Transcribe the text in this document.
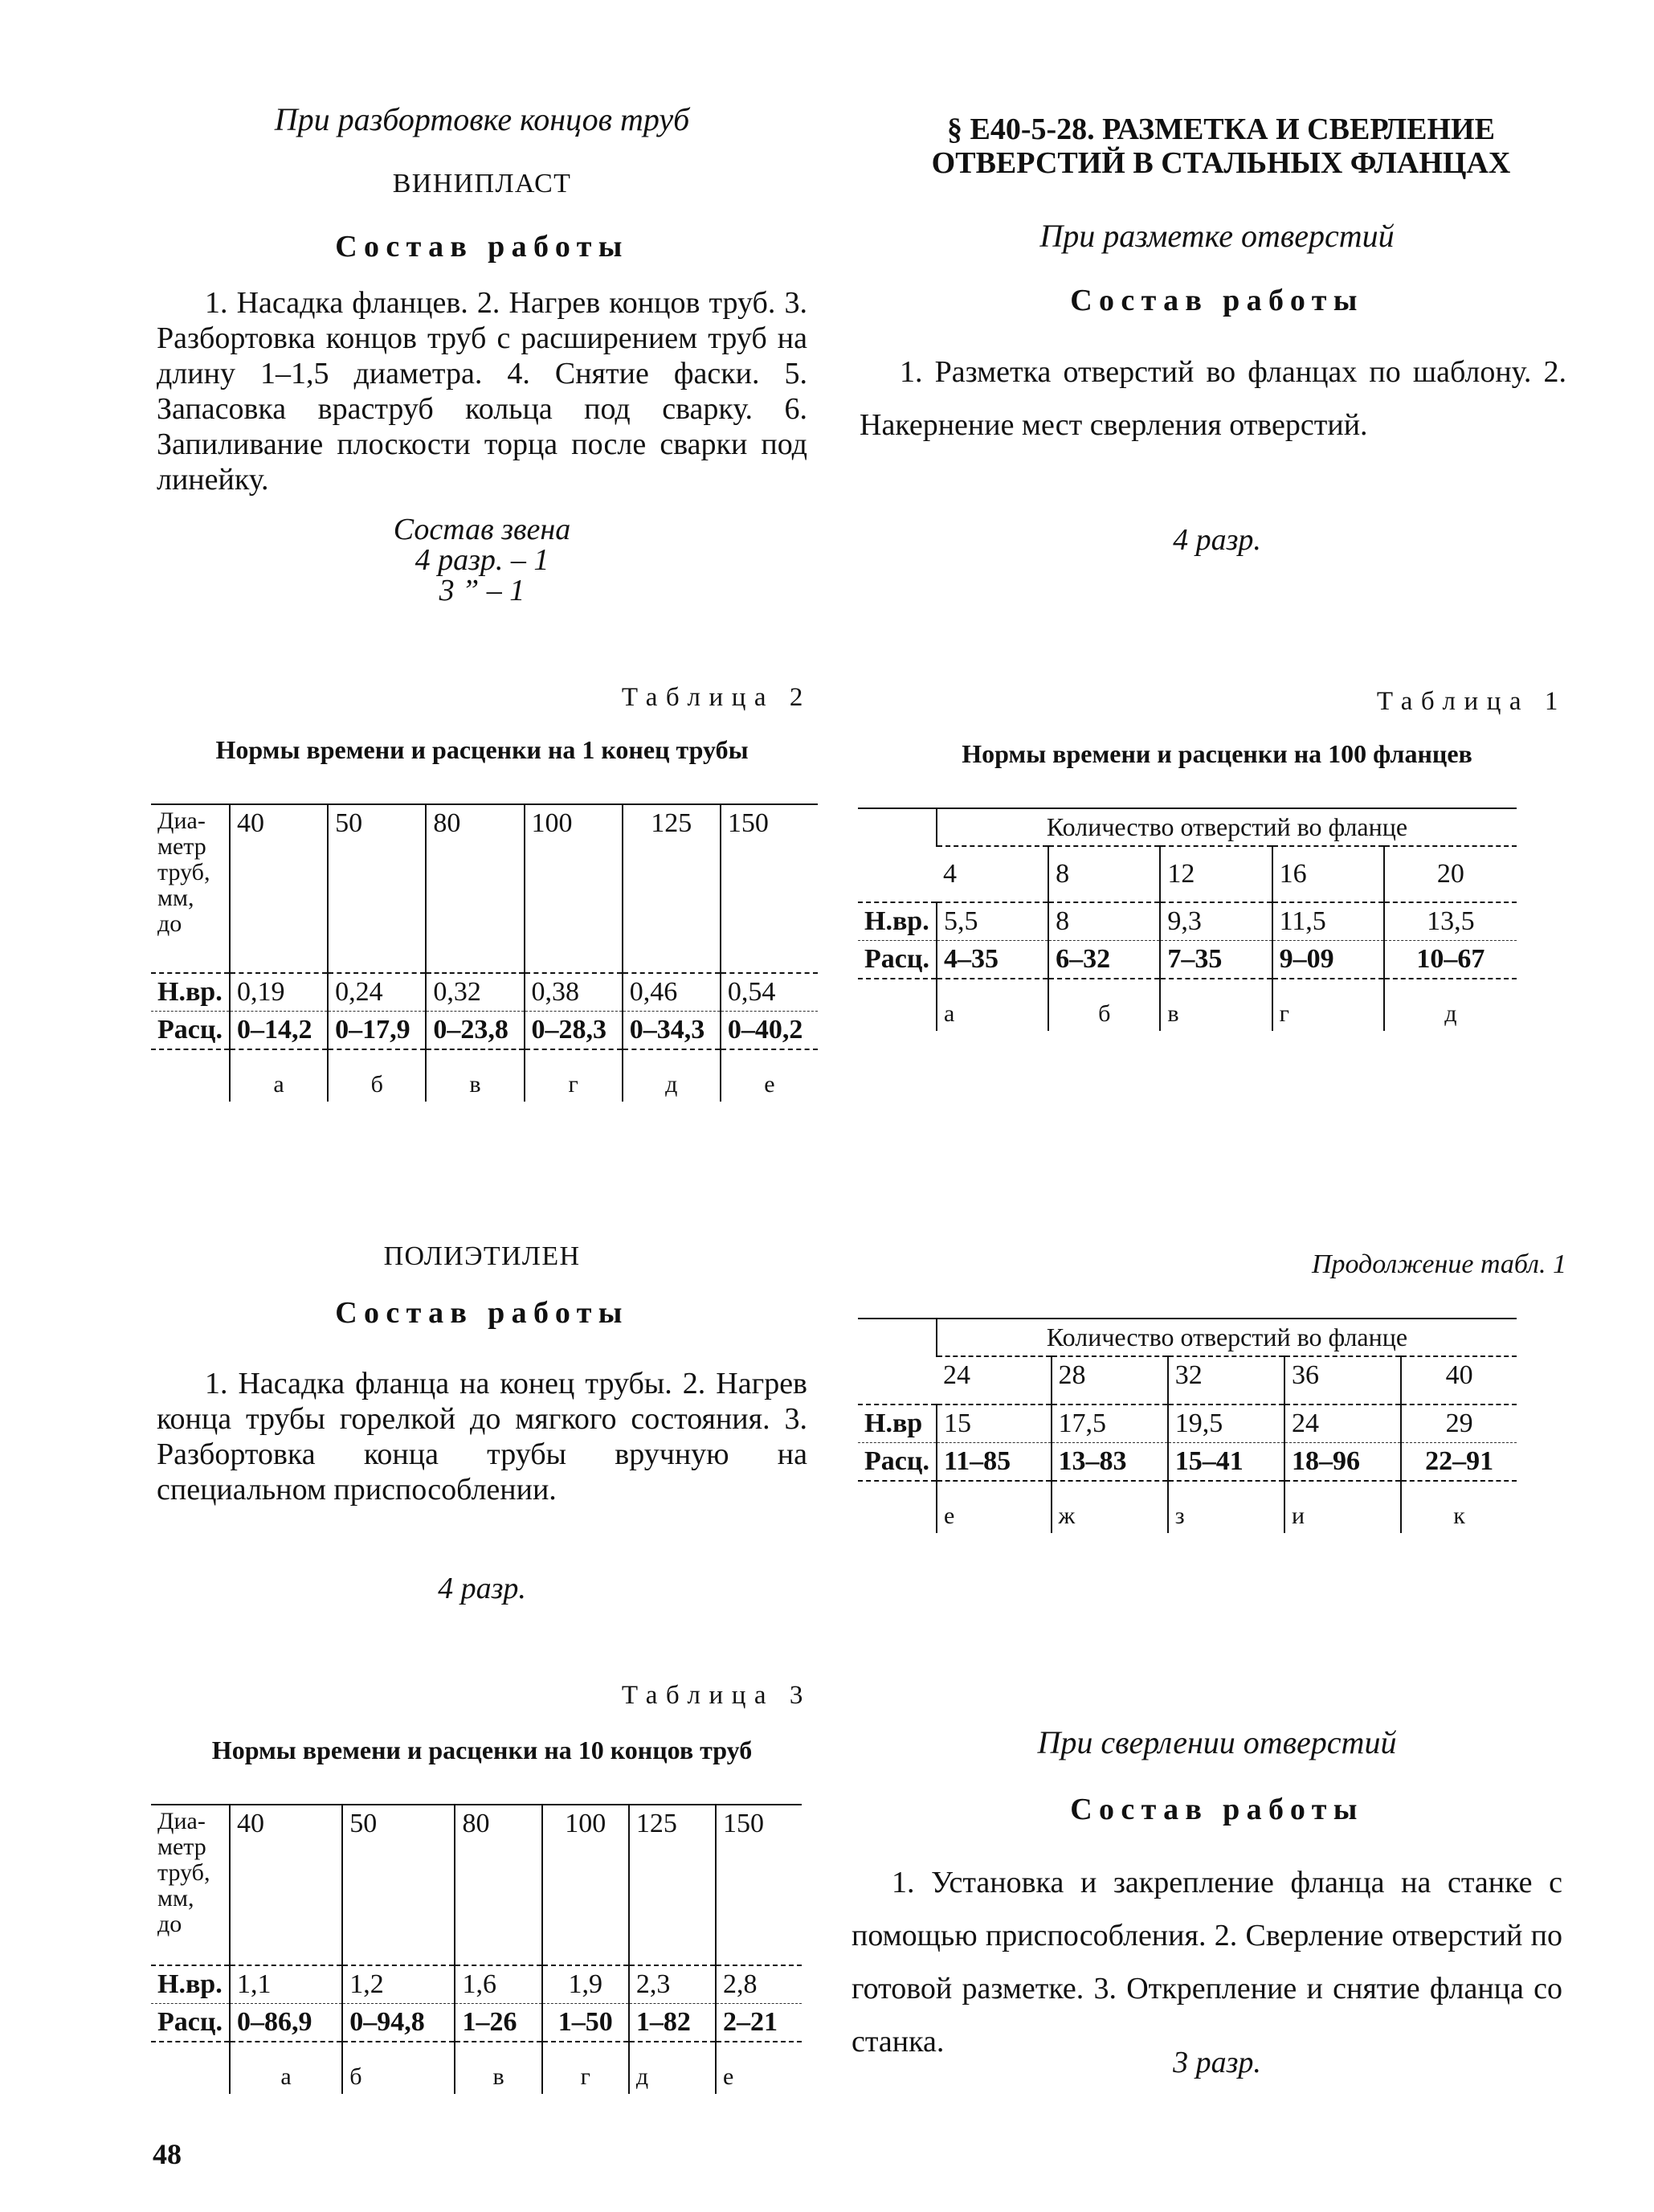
При разбортовке концов труб
ВИНИПЛАСТ
Состав работы
1. Насадка фланцев. 2. Нагрев концов труб. 3. Разбортовка концов труб с расширением труб на длину 1–1,5 диаметра. 4. Снятие фаски. 5. Запасовка враструб кольца под сварку. 6. Запиливание плоскости торца после сварки под линейку.
Состав звена
4 разр. – 1
3 ” – 1
Таблица 2
Нормы времени и расценки на 1 конец трубы
Диа-метр труб, мм, до	40	50	80	100	125	150
Н.вр.	0,19	0,24	0,32	0,38	0,46	0,54
Расц.	0–14,2	0–17,9	0–23,8	0–28,3	0–34,3	0–40,2
	а	б	в	г	д	е
ПОЛИЭТИЛЕН
Состав работы
1. Насадка фланца на конец трубы. 2. Нагрев конца трубы горелкой до мягкого состояния. 3. Разбортовка конца трубы вручную на специальном приспособлении.
4 разр.
Таблица 3
Нормы времени и расценки на 10 концов труб
Диа-метр труб, мм, до	40	50	80	100	125	150
Н.вр.	1,1	1,2	1,6	1,9	2,3	2,8
Расц.	0–86,9	0–94,8	1–26	1–50	1–82	2–21
	а	б	в	г	д	е
48
§ Е40-5-28. РАЗМЕТКА И СВЕРЛЕНИЕ
ОТВЕРСТИЙ В СТАЛЬНЫХ ФЛАНЦАХ
При разметке отверстий
Состав работы
1. Разметка отверстий во фланцах по шаблону. 2. Накернение мест сверления отверстий.
4 разр.
Таблица 1
Нормы времени и расценки на 100 фланцев
	Количество отверстий во фланце				
	4	8	12	16	20
Н.вр.	5,5	8	9,3	11,5	13,5
Расц.	4–35	6–32	7–35	9–09	10–67
	а	б	в	г	д
Продолжение табл. 1
	Количество отверстий во фланце				
	24	28	32	36	40
Н.вр	15	17,5	19,5	24	29
Расц.	11–85	13–83	15–41	18–96	22–91
	е	ж	з	и	к
При сверлении отверстий
Состав работы
1. Установка и закрепление фланца на станке с помощью приспособления. 2. Сверление отверстий по готовой разметке. 3. Открепление и снятие фланца со станка.
3 разр.
